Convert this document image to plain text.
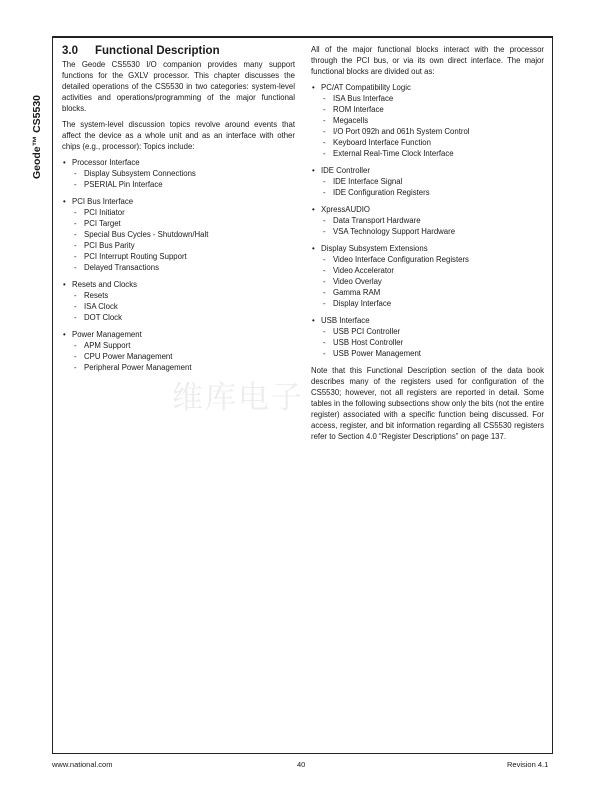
Geode™ CS5530
3.0 Functional Description

The Geode CS5530 I/O companion provides many support functions for the GXLV processor. This chapter discusses the detailed operations of the CS5530 in two categories: system-level activities and operations/programming of the major functional blocks.

The system-level discussion topics revolve around events that affect the device as a whole unit and as an interface with other chips (e.g., processor): Topics include:

• Processor Interface
- Display Subsystem Connections
- PSERIAL Pin Interface
• PCI Bus Interface
- PCI Initiator
- PCI Target
- Special Bus Cycles - Shutdown/Halt
- PCI Bus Parity
- PCI Interrupt Routing Support
- Delayed Transactions
• Resets and Clocks
- Resets
- ISA Clock
- DOT Clock
• Power Management
- APM Support
- CPU Power Management
- Peripheral Power Management

All of the major functional blocks interact with the processor through the PCI bus, or via its own direct interface. The major functional blocks are divided out as:

• PC/AT Compatibility Logic
- ISA Bus Interface
- ROM Interface
- Megacells
- I/O Port 092h and 061h System Control
- Keyboard Interface Function
- External Real-Time Clock Interface
• IDE Controller
- IDE Interface Signal
- IDE Configuration Registers
• XpressAUDIO
- Data Transport Hardware
- VSA Technology Support Hardware
• Display Subsystem Extensions
- Video Interface Configuration Registers
- Video Accelerator
- Video Overlay
- Gamma RAM
- Display Interface
• USB Interface
- USB PCI Controller
- USB Host Controller
- USB Power Management

Note that this Functional Description section of the data book describes many of the registers used for configuration of the CS5530; however, not all registers are reported in detail. Some tables in the following subsections show only the bits (not the entire register) associated with a specific function being discussed. For access, register, and bit information regarding all CS5530 registers refer to Section 4.0 “Register Descriptions” on page 137.

维库电子
www.national.com	40	Revision 4.1
